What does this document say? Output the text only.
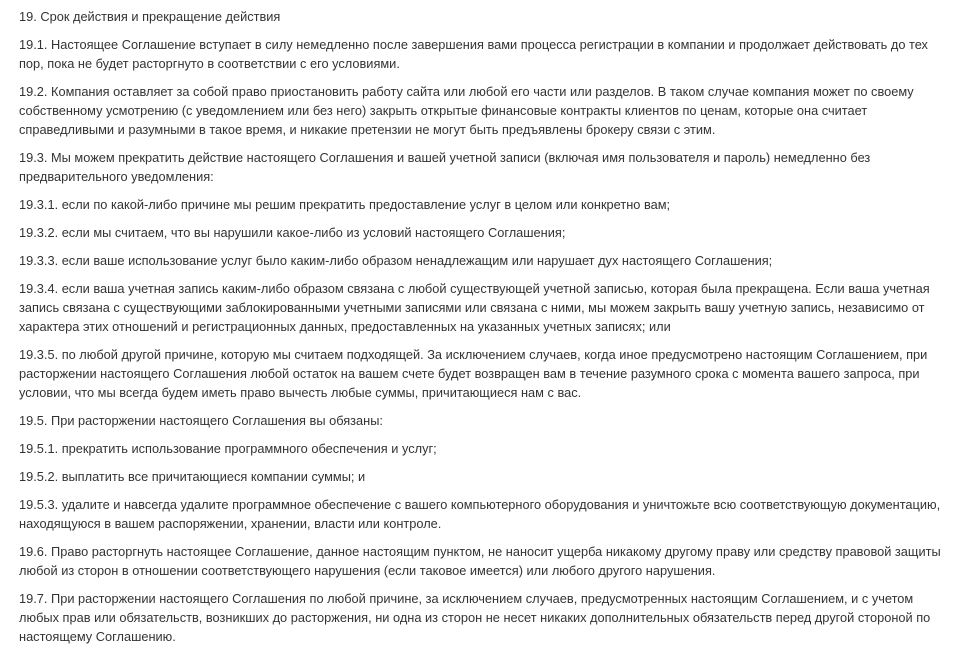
19. Срок действия и прекращение действия

19.1. Настоящее Соглашение вступает в силу немедленно после завершения вами процесса регистрации в компании и продолжает действовать до тех пор, пока не будет расторгнуто в соответствии с его условиями.

19.2. Компания оставляет за собой право приостановить работу сайта или любой его части или разделов. В таком случае компания может по своему собственному усмотрению (с уведомлением или без него) закрыть открытые финансовые контракты клиентов по ценам, которые она считает справедливыми и разумными в такое время, и никакие претензии не могут быть предъявлены брокеру связи с этим.

19.3. Мы можем прекратить действие настоящего Соглашения и вашей учетной записи (включая имя пользователя и пароль) немедленно без предварительного уведомления:

19.3.1. если по какой-либо причине мы решим прекратить предоставление услуг в целом или конкретно вам;

19.3.2. если мы считаем, что вы нарушили какое-либо из условий настоящего Соглашения;

19.3.3. если ваше использование услуг было каким-либо образом ненадлежащим или нарушает дух настоящего Соглашения;

19.3.4. если ваша учетная запись каким-либо образом связана с любой существующей учетной записью, которая была прекращена. Если ваша учетная запись связана с существующими заблокированными учетными записями или связана с ними, мы можем закрыть вашу учетную запись, независимо от характера этих отношений и регистрационных данных, предоставленных на указанных учетных записях; или

19.3.5. по любой другой причине, которую мы считаем подходящей. За исключением случаев, когда иное предусмотрено настоящим Соглашением, при расторжении настоящего Соглашения любой остаток на вашем счете будет возвращен вам в течение разумного срока с момента вашего запроса, при условии, что мы всегда будем иметь право вычесть любые суммы, причитающиеся нам с вас.

19.5. При расторжении настоящего Соглашения вы обязаны:

19.5.1. прекратить использование программного обеспечения и услуг;

19.5.2. выплатить все причитающиеся компании суммы; и

19.5.3. удалите и навсегда удалите программное обеспечение с вашего компьютерного оборудования и уничтожьте всю соответствующую документацию, находящуюся в вашем распоряжении, хранении, власти или контроле.

19.6. Право расторгнуть настоящее Соглашение, данное настоящим пунктом, не наносит ущерба никакому другому праву или средству правовой защиты любой из сторон в отношении соответствующего нарушения (если таковое имеется) или любого другого нарушения.

19.7. При расторжении настоящего Соглашения по любой причине, за исключением случаев, предусмотренных настоящим Соглашением, и с учетом любых прав или обязательств, возникших до расторжения, ни одна из сторон не несет никаких дополнительных обязательств перед другой стороной по настоящему Соглашению.
